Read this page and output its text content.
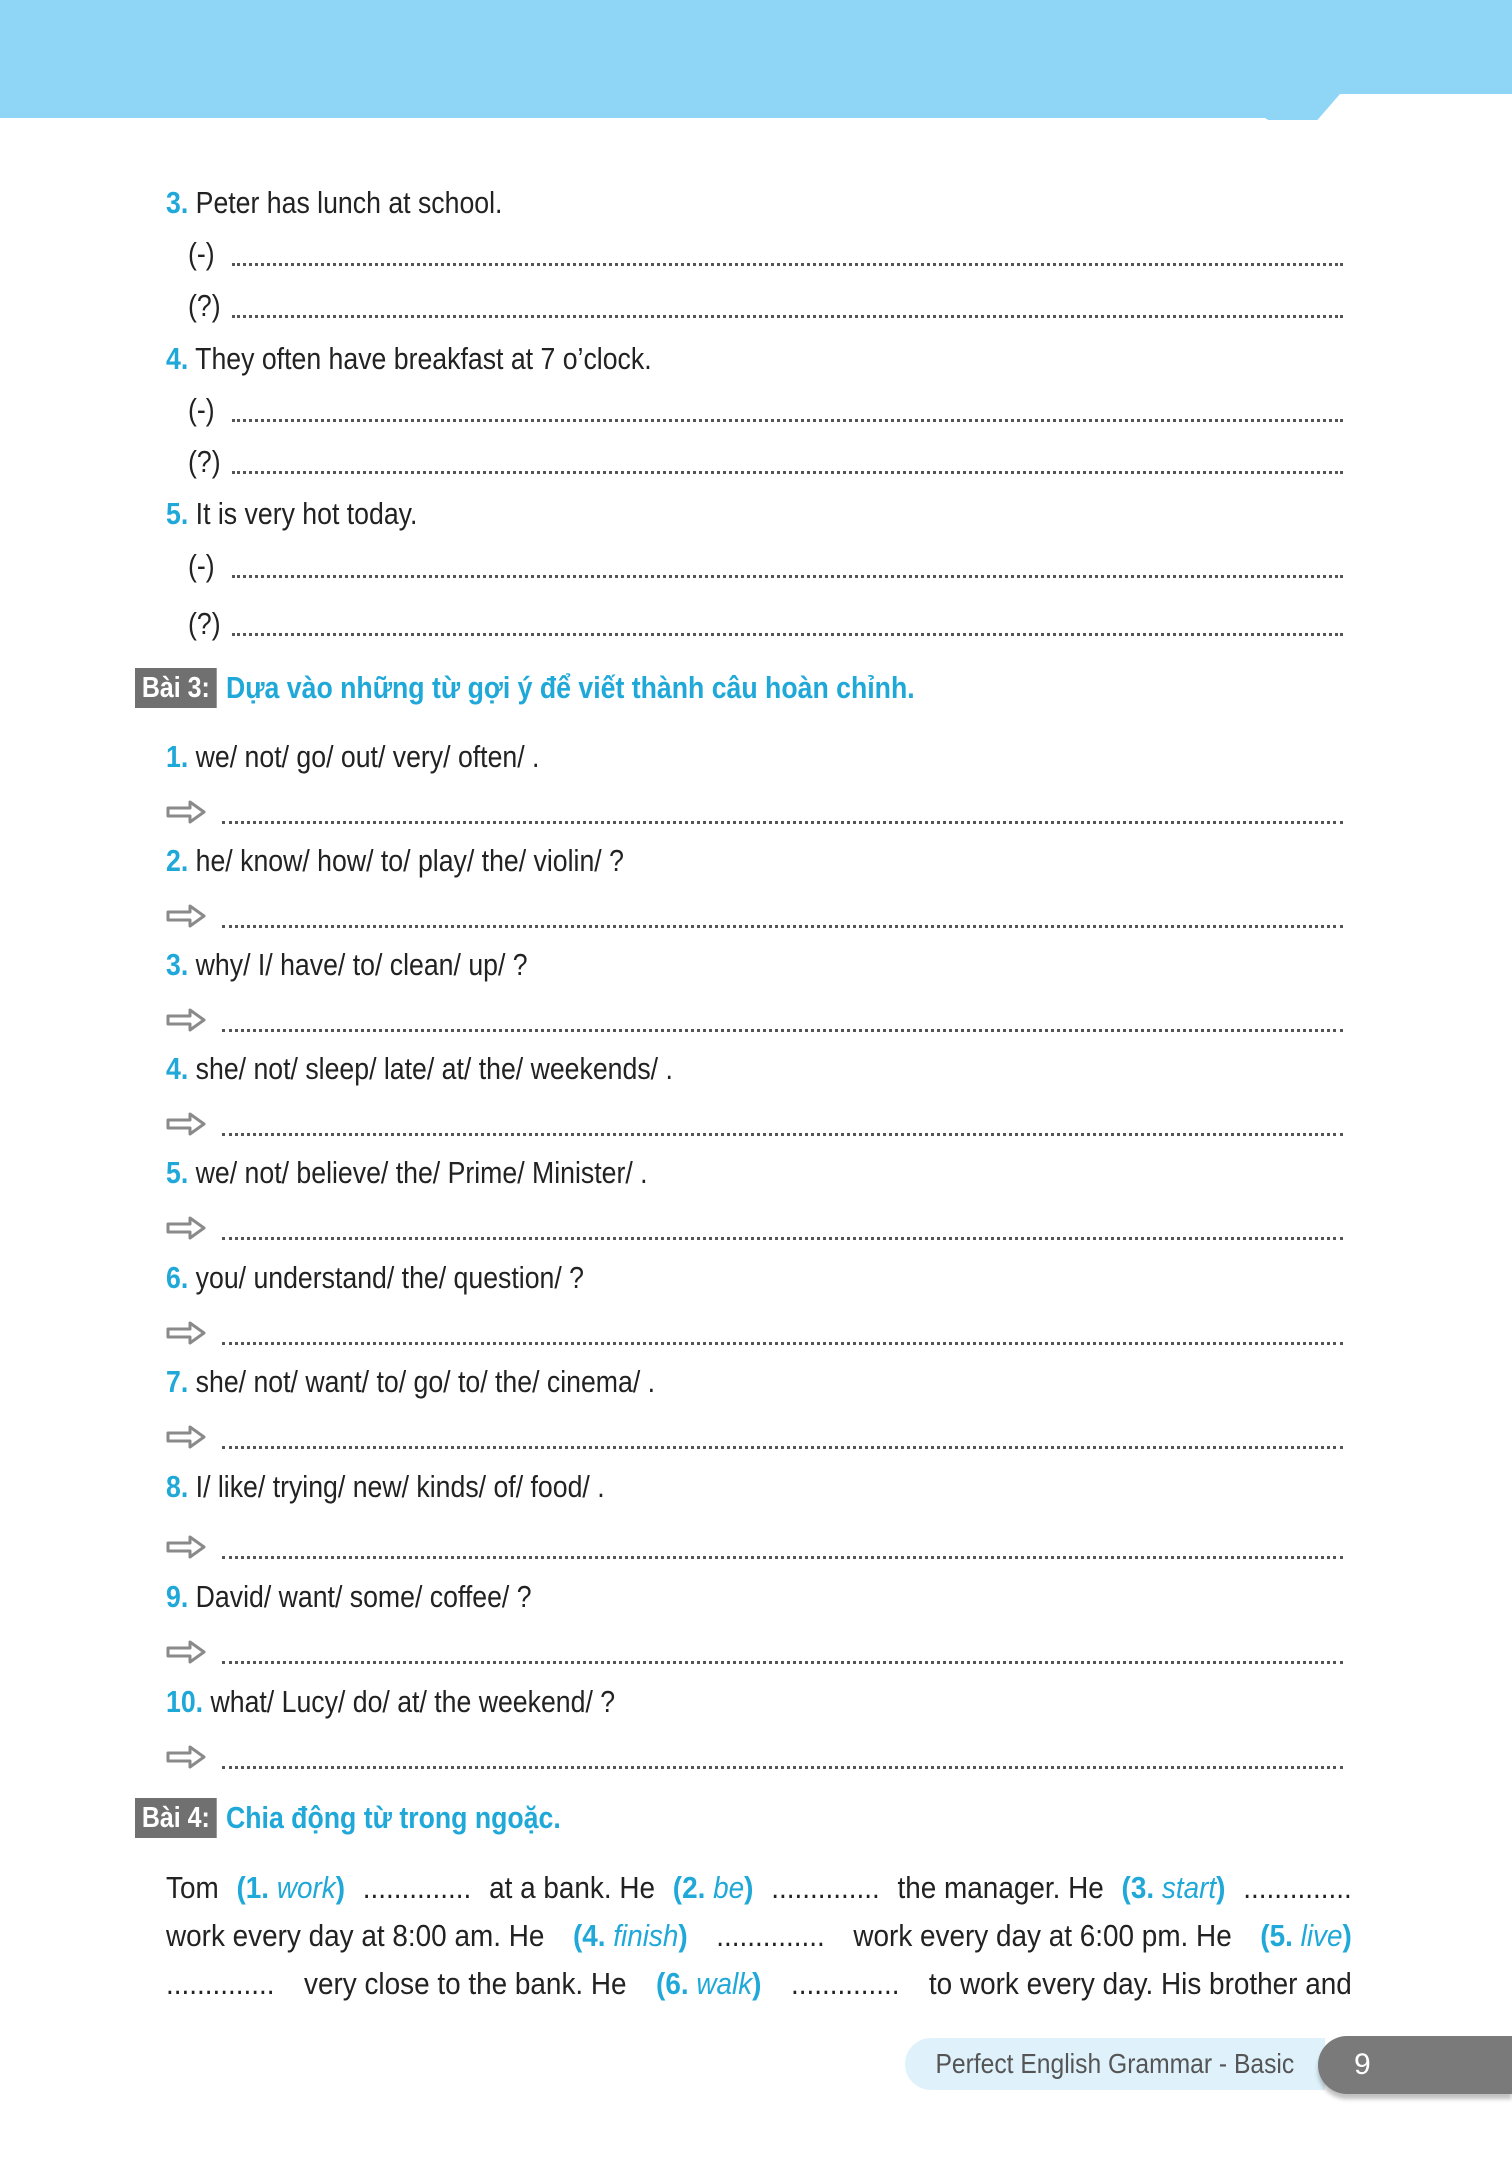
3. Peter has lunch at school.
(-)
(?)
4. They often have breakfast at 7 o’clock.
(-)
(?)
5. It is very hot today.
(-)
(?)
Bài 3: Dựa vào những từ gợi ý để viết thành câu hoàn chỉnh.
1. we/ not/ go/ out/ very/ often/ .
2. he/ know/ how/ to/ play/ the/ violin/ ?
3. why/ I/ have/ to/ clean/ up/ ?
4. she/ not/ sleep/ late/ at/ the/ weekends/ .
5. we/ not/ believe/ the/ Prime/ Minister/ .
6. you/ understand/ the/ question/ ?
7. she/ not/ want/ to/ go/ to/ the/ cinema/ .
8. I/ like/ trying/ new/ kinds/ of/ food/ .
9. David/ want/ some/ coffee/ ?
10. what/ Lucy/ do/ at/ the weekend/ ?
Bài 4: Chia động từ trong ngoặc.
Tom (1. work) .............. at a bank. He (2. be) .............. the manager. He (3. start) ..............
work every day at 8:00 am. He (4. finish) .............. work every day at 6:00 pm. He (5. live)
.............. very close to the bank. He (6. walk) .............. to work every day. His brother and
Perfect English Grammar - Basic	9
